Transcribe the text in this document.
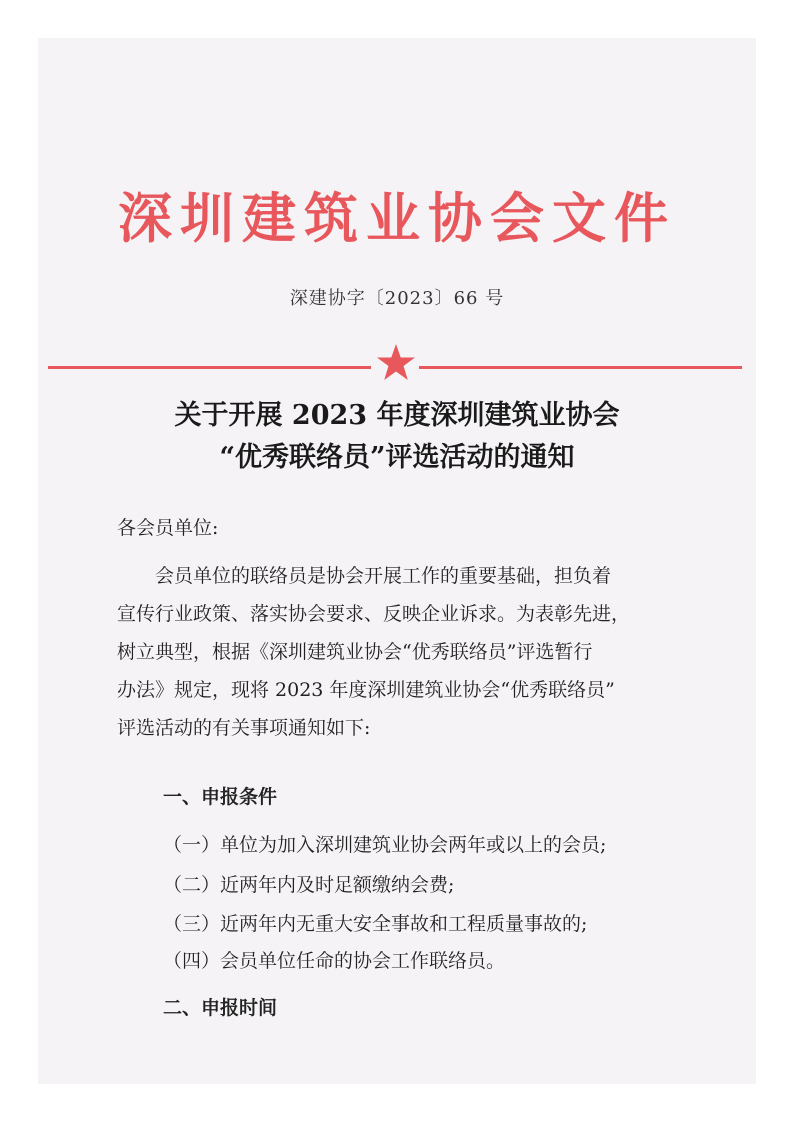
深圳建筑业协会文件
深建协字〔2023〕66 号
关于开展 2023 年度深圳建筑业协会
“优秀联络员”评选活动的通知
各会员单位:
会员单位的联络员是协会开展工作的重要基础，担负着
宣传行业政策、落实协会要求、反映企业诉求。为表彰先进，
树立典型，根据《深圳建筑业协会“优秀联络员”评选暂行
办法》规定，现将 2023 年度深圳建筑业协会“优秀联络员”
评选活动的有关事项通知如下:
一、申报条件
（一）单位为加入深圳建筑业协会两年或以上的会员;
（二）近两年内及时足额缴纳会费;
（三）近两年内无重大安全事故和工程质量事故的;
（四）会员单位任命的协会工作联络员。
二、申报时间
